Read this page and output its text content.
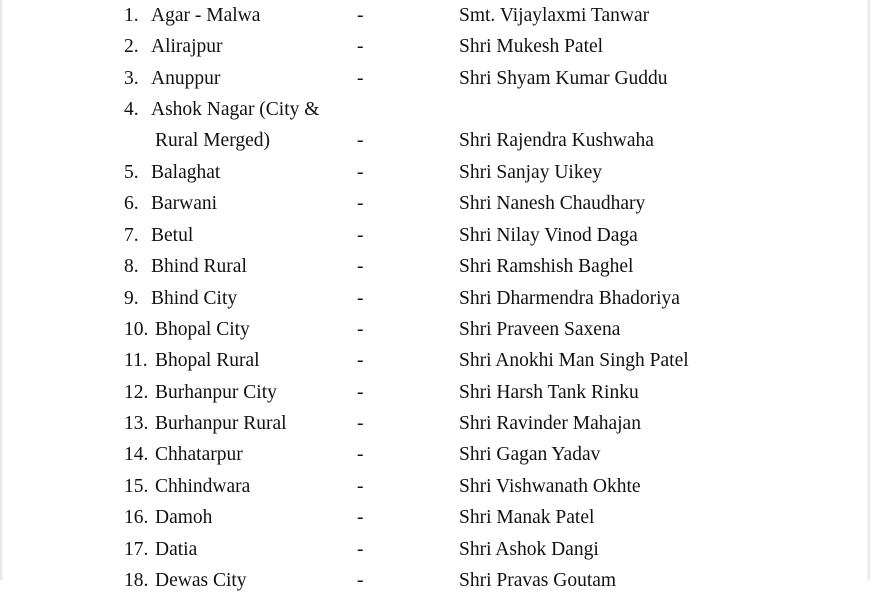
1. Agar - Malwa	-	Smt. Vijaylaxmi Tanwar
2. Alirajpur	-	Shri Mukesh Patel
3. Anuppur	-	Shri Shyam Kumar Guddu
4. Ashok Nagar (City &
Rural Merged)	-	Shri Rajendra Kushwaha
5. Balaghat	-	Shri Sanjay Uikey
6. Barwani	-	Shri Nanesh Chaudhary
7. Betul	-	Shri Nilay Vinod Daga
8. Bhind Rural	-	Shri Ramshish Baghel
9. Bhind City	-	Shri Dharmendra Bhadoriya
10. Bhopal City	-	Shri Praveen Saxena
11. Bhopal Rural	-	Shri Anokhi Man Singh Patel
12. Burhanpur City	-	Shri Harsh Tank Rinku
13. Burhanpur Rural	-	Shri Ravinder Mahajan
14. Chhatarpur	-	Shri Gagan Yadav
15. Chhindwara	-	Shri Vishwanath Okhte
16. Damoh	-	Shri Manak Patel
17. Datia	-	Shri Ashok Dangi
18. Dewas City	-	Shri Pravas Goutam
